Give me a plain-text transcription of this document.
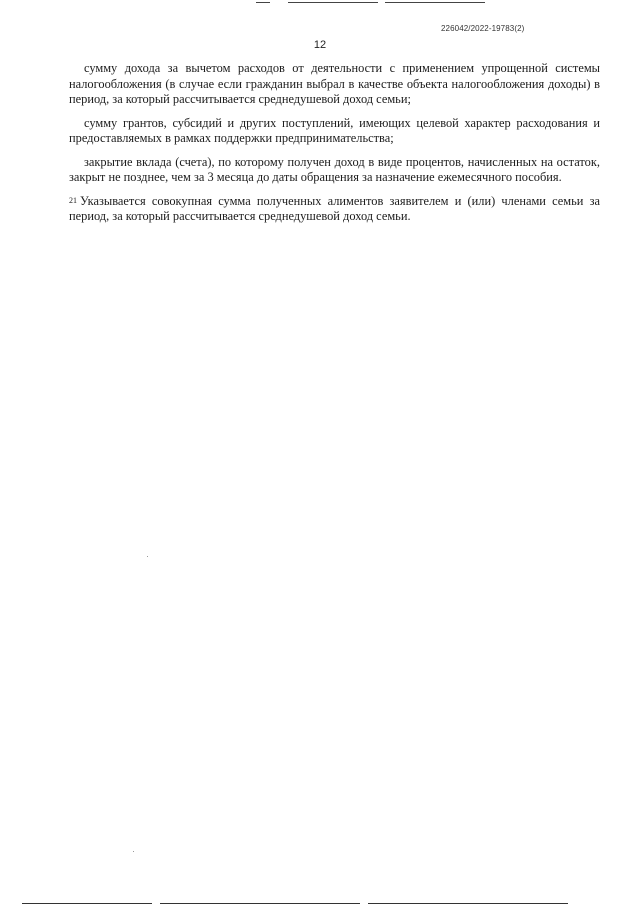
226042/2022-19783(2)
12

сумму дохода за вычетом расходов от деятельности с применением упрощенной системы налогообложения (в случае если гражданин выбрал в качестве объекта налогообложения доходы) в период, за который рассчитывается среднедушевой доход семьи;

сумму грантов, субсидий и других поступлений, имеющих целевой характер расходования и предоставляемых в рамках поддержки предпринимательства;

закрытие вклада (счета), по которому получен доход в виде процентов, начисленных на остаток, закрыт не позднее, чем за 3 месяца до даты обращения за назначение ежемесячного пособия.

$^{21}$ Указывается совокупная сумма полученных алиментов заявителем и (или) членами семьи за период, за который рассчитывается среднедушевой доход семьи.
